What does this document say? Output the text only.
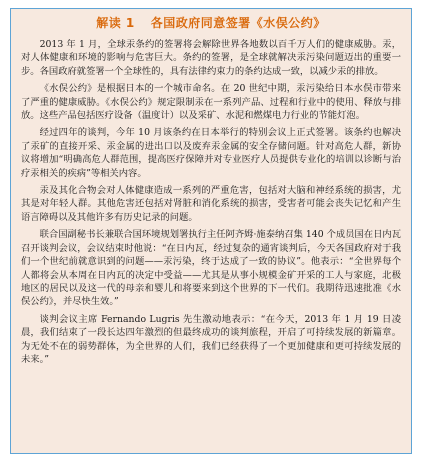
解读 1 各国政府同意签署《水俣公约》

2013 年 1 月，全球汞条约的签署将会解除世界各地数以百千万人们的健康威胁。汞，对人体健康和环境的影响与危害巨大。条约的签署，是全球就解决汞污染问题迈出的重要一步。各国政府就签署一个全球性的，具有法律约束力的条约达成一致，以减少汞的排放。

《水俣公约》是根据日本的一个城市命名。在 20 世纪中期，汞污染给日本水俣市带来了严重的健康威胁。《水俣公约》规定限制汞在一系列产品、过程和行业中的使用、释放与排放。这些产品包括医疗设备（温度计）以及采矿、水泥和燃煤电力行业的节能灯泡。

经过四年的谈判，今年 10 月该条约在日本举行的特别会议上正式签署。该条约也解决了汞矿的直接开采、汞金属的进出口以及废弃汞金属的安全存储问题。针对高危人群，新协议将增加“明确高危人群范围，提高医疗保障并对专业医疗人员提供专业化的培训以诊断与治疗汞相关的疾病”等相关内容。

汞及其化合物会对人体健康造成一系列的严重危害，包括对大脑和神经系统的损害，尤其是对年轻人群。其他危害还包括对肾脏和消化系统的损害，受害者可能会丧失记忆和产生语言障碍以及其他许多有历史记录的问题。

联合国副秘书长兼联合国环境规划署执行主任阿齐姆·施泰纳召集 140 个成员国在日内瓦召开谈判会议，会议结束时他说：“在日内瓦，经过复杂的通宵谈判后，今天各国政府对于我们一个世纪前就意识到的问题——汞污染，终于达成了一致的协议”。他表示：“全世界每个人都将会从本周在日内瓦的决定中受益——尤其是从事小规模金矿开采的工人与家庭，北极地区的居民以及这一代的母亲和婴儿和将要来到这个世界的下一代们。我期待迅速批准《水俣公约》，并尽快生效。”

谈判会议主席 Fernando Lugris 先生激动地表示：“在今天，2013 年 1 月 19 日凌晨，我们结束了一段长达四年激烈的但最终成功的谈判旅程，开启了可持续发展的新篇章。为无处不在的弱势群体，为全世界的人们，我们已经获得了一个更加健康和更可持续发展的未来。”
